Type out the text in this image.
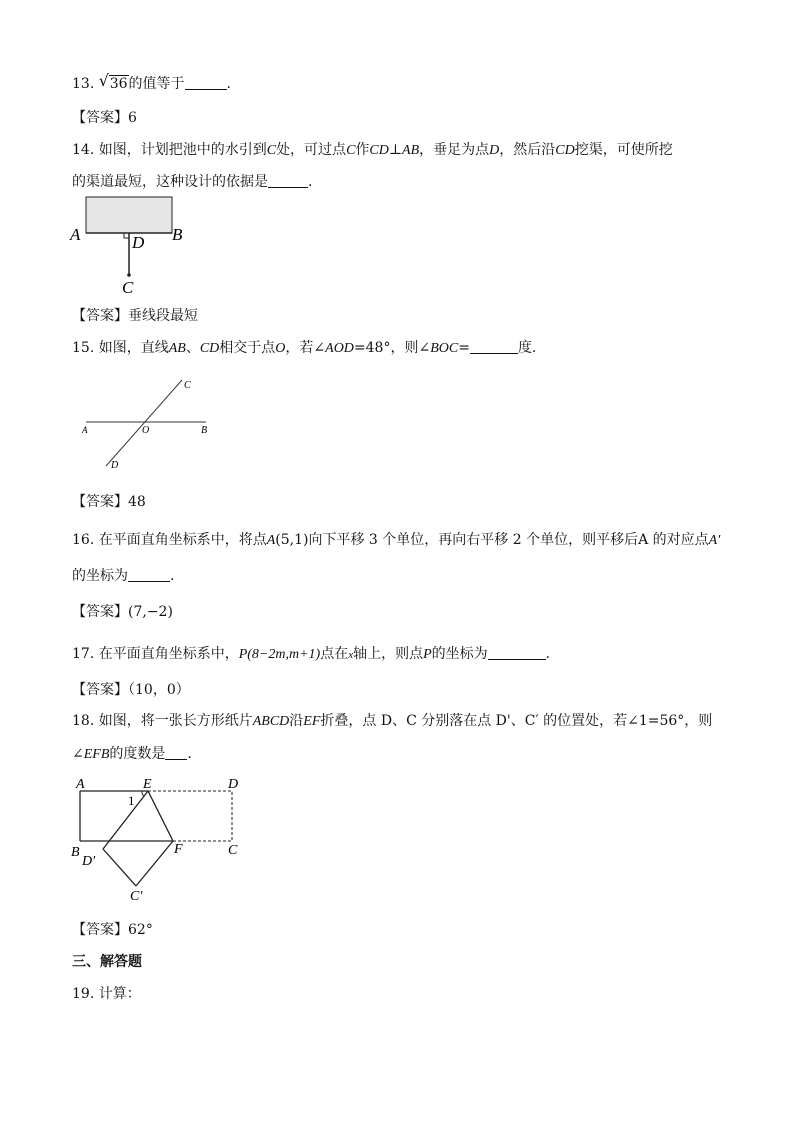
13. √ 36的值等于	.
【答案】6
14. 如图，计划把池中的水引到C处，可过点C作CD⊥AB，垂足为点D，然后沿CD挖渠，可使所挖
的渠道最短，这种设计的依据是	.
A	B
D
C
【答案】垂线段最短
15. 如图，直线AB、CD相交于点O，若∠AOD=48°，则∠BOC=	度.
A	B
C
D
O
【答案】48
16. 在平面直角坐标系中，将点A(5,1)向下平移 3 个单位，再向右平移 2 个单位，则平移后A 的对应点A′
的坐标为	.
【答案】(7,−2)
17. 在平面直角坐标系中，P(8−2m,m+1)点在x轴上，则点P的坐标为	.
【答案】（10，0）
18. 如图，将一张长方形纸片ABCD沿EF折叠，点 D、C 分别落在点 D'、C′ 的位置处，若∠1=56°，则
∠EFB的度数是 .
A	E	D
B	F	C
D′
C′
1
【答案】62°
三、解答题
19. 计算：
